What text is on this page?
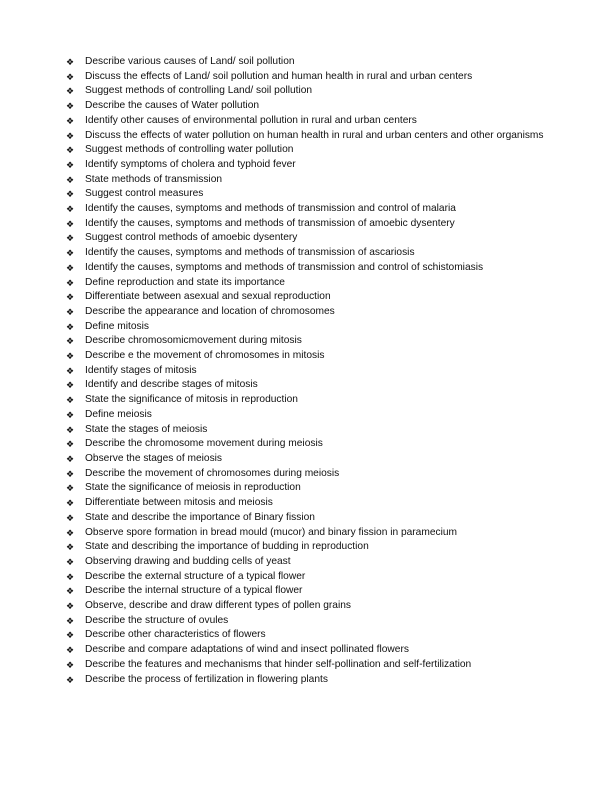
❖	Describe various causes of Land/ soil pollution
❖	Discuss the effects of Land/ soil pollution and human health in rural and urban centers
❖	Suggest methods of controlling Land/ soil pollution
❖	Describe the causes of Water pollution
❖	Identify other causes of environmental pollution in rural and urban centers
❖	Discuss the effects of water pollution on human health in rural and urban centers and other organisms
❖	Suggest methods of controlling water pollution
❖	Identify symptoms of cholera and typhoid fever
❖	State methods of transmission
❖	Suggest control measures
❖	Identify the causes, symptoms and methods of transmission and control of malaria
❖	Identify the causes, symptoms and methods of transmission of amoebic dysentery
❖	Suggest control methods of amoebic dysentery
❖	Identify the causes, symptoms and methods of transmission of ascariosis
❖	Identify the causes, symptoms and methods of transmission and control of schistomiasis
❖	Define reproduction and state its importance
❖	Differentiate between asexual and sexual reproduction
❖	Describe the appearance and location of chromosomes
❖	Define mitosis
❖	Describe chromosomicmovement during mitosis
❖	Describe e the movement of chromosomes in mitosis
❖	Identify stages of mitosis
❖	Identify and describe stages of mitosis
❖	State the significance of mitosis in reproduction
❖	Define meiosis
❖	State the stages of meiosis
❖	Describe the chromosome movement during meiosis
❖	Observe the stages of meiosis
❖	Describe the movement of chromosomes during meiosis
❖	State the significance of meiosis in reproduction
❖	Differentiate between mitosis and meiosis
❖	State and describe the importance of Binary fission
❖	Observe spore formation in bread mould (mucor) and binary fission in paramecium
❖	State and describing the importance of budding in reproduction
❖	Observing drawing and budding cells of yeast
❖	Describe the external structure of a typical flower
❖	Describe the internal structure of a typical flower
❖	Observe, describe and draw different types of pollen grains
❖	Describe the structure of ovules
❖	Describe other characteristics of flowers
❖	Describe and compare adaptations of wind and insect pollinated flowers
❖	Describe the features and mechanisms that hinder self-pollination and self-fertilization
❖	Describe the process of fertilization in flowering plants
